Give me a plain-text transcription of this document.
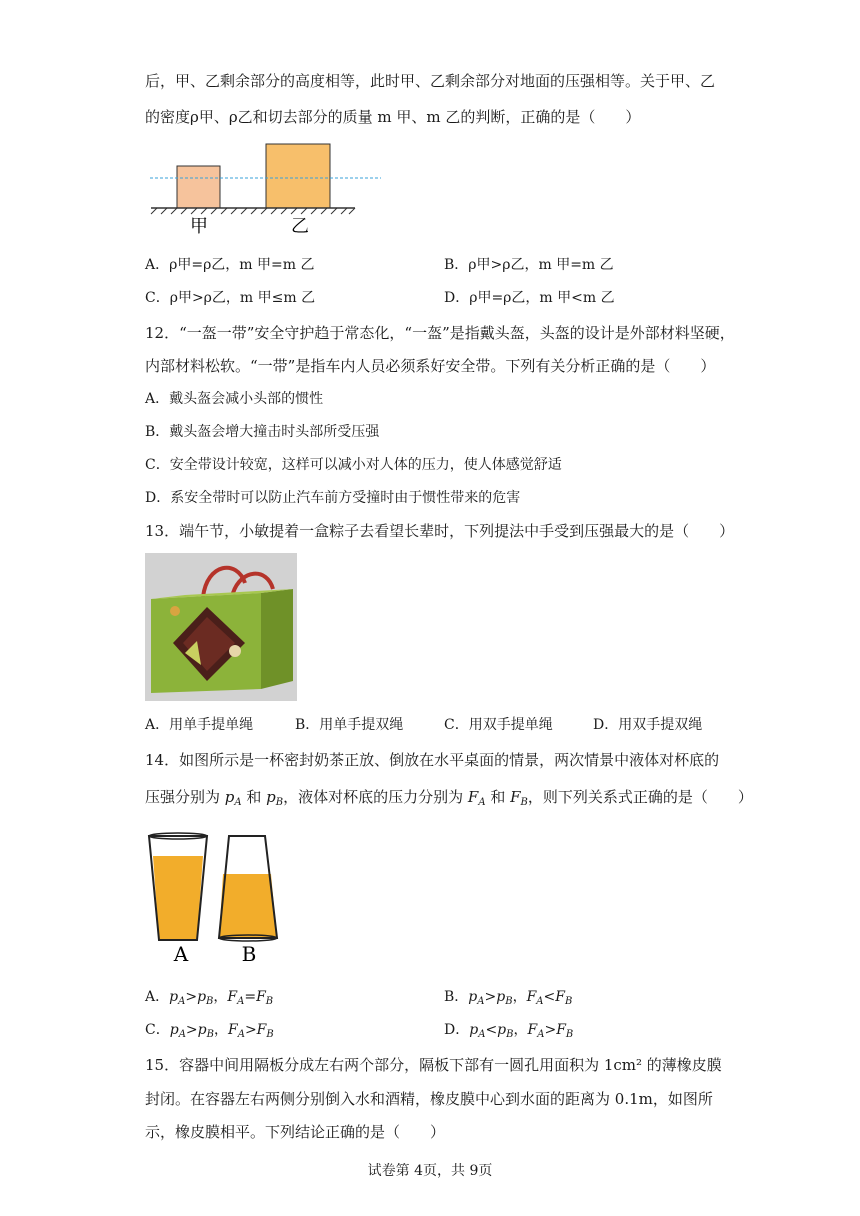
后，甲、乙剩余部分的高度相等，此时甲、乙剩余部分对地面的压强相等。关于甲、乙
的密度ρ甲、ρ乙和切去部分的质量 m 甲、m 乙的判断，正确的是（　　）
甲	乙
A．ρ甲=ρ乙，m 甲=m 乙	B．ρ甲>ρ乙，m 甲=m 乙
C．ρ甲>ρ乙，m 甲≤m 乙	D．ρ甲=ρ乙，m 甲<m 乙
12．“一盔一带”安全守护趋于常态化，“一盔”是指戴头盔，头盔的设计是外部材料坚硬，
内部材料松软。“一带”是指车内人员必须系好安全带。下列有关分析正确的是（　　）
A．戴头盔会减小头部的惯性
B．戴头盔会增大撞击时头部所受压强
C．安全带设计较宽，这样可以减小对人体的压力，使人体感觉舒适
D．系安全带时可以防止汽车前方受撞时由于惯性带来的危害
13．端午节，小敏提着一盒粽子去看望长辈时，下列提法中手受到压强最大的是（　　）
A．用单手提单绳	B．用单手提双绳	C．用双手提单绳	D．用双手提双绳
14．如图所示是一杯密封奶茶正放、倒放在水平桌面的情景，两次情景中液体对杯底的
压强分别为 $p_A$ 和 $p_B$，液体对杯底的压力分别为 $F_A$ 和 $F_B$，则下列关系式正确的是（　　）
A	B
A．$p_A>p_B$，$F_A=F_B$	B．$p_A>p_B$，$F_A<F_B$
C．$p_A>p_B$，$F_A>F_B$	D．$p_A<p_B$，$F_A>F_B$
15．容器中间用隔板分成左右两个部分，隔板下部有一圆孔用面积为 1cm² 的薄橡皮膜
封闭。在容器左右两侧分别倒入水和酒精，橡皮膜中心到水面的距离为 0.1m，如图所
示，橡皮膜相平。下列结论正确的是（　　）
试卷第 4页，共 9页
